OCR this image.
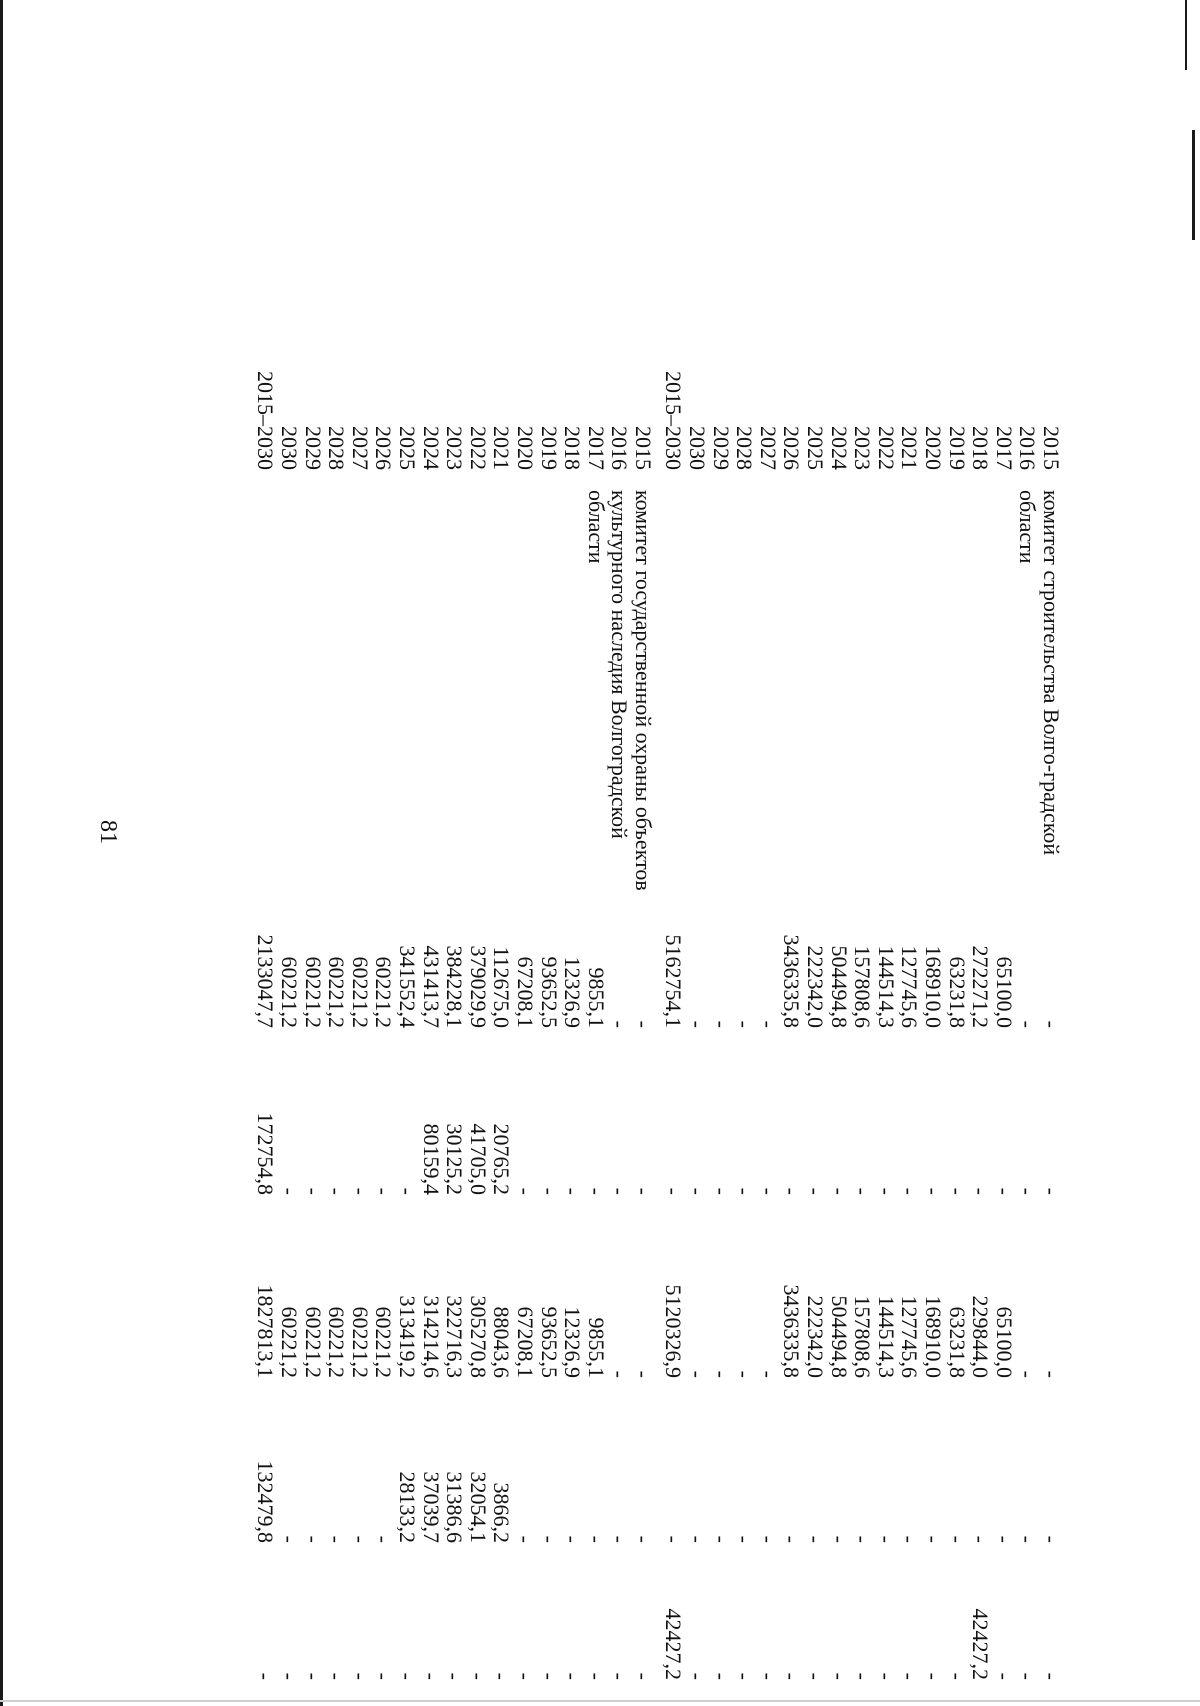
81	комитет строительства Волго-градской области
2015
2016
2017
2018
2019
2020
2021
2022
2023
2024
2025
2026
2027
2028
2029
2030
2015–2030
-
-
65100,0
272271,2
63231,8
168910,0
127745,6
144514,3
157808,6
504494,8
222342,0
3436335,8
-
-
-
-
5162754,1
-
-
-
-
-
-
-
-
-
-
-
-
-
-
-
-
-
-
-
65100,0
229844,0
63231,8
168910,0
127745,6
144514,3
157808,6
504494,8
222342,0
3436335,8
-
-
-
-
5120326,9
-
-
-
-
-
-
-
-
-
-
-
-
-
-
-
-
-
-
-
-
42427,2
-
-
-
-
-
-
-
-
-
-
-
-
42427,2
комитет государственной охраны объектов культурного наследия Волгоградской области
2015
2016
2017
2018
2019
2020
2021
2022
2023
2024
2025
2026
2027
2028
2029
2030
2015–2030
-
-
9855,1
12326,9
93652,5
67208,1
112675,0
379029,9
384228,1
431413,7
341552,4
60221,2
60221,2
60221,2
60221,2
60221,2
2133047,7
-
-
-
-
-
-
20765,2
41705,0
30125,2
80159,4
-
-
-
-
-
-
172754,8
-
-
9855,1
12326,9
93652,5
67208,1
88043,6
305270,8
322716,3
314214,6
313419,2
60221,2
60221,2
60221,2
60221,2
60221,2
1827813,1
-
-
-
-
-
-
3866,2
32054,1
31386,6
37039,7
28133,2
-
-
-
-
-
132479,8
-
-
-
-
-
-
-
-
-
-
-
-
-
-
-
-
-
